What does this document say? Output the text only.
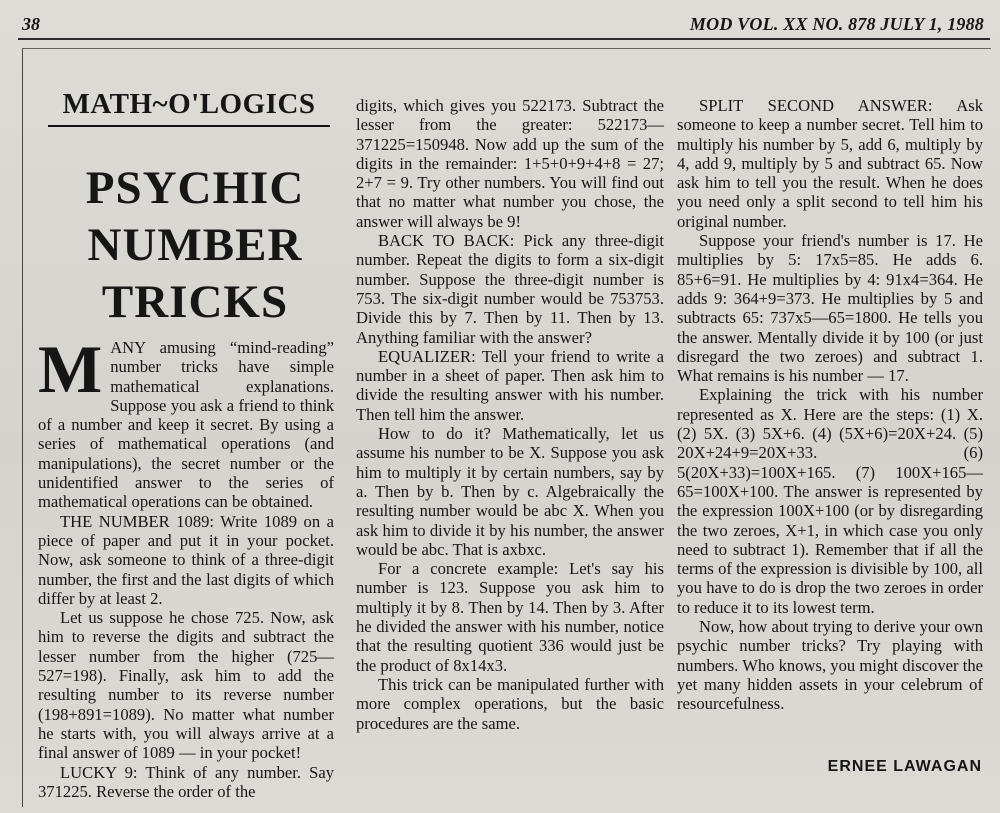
38	MOD VOL. XX NO. 878 JULY 1, 1988
MATH~O'LOGICS
PSYCHIC
NUMBER
TRICKS

MANY amusing “mind-reading” number tricks have simple mathematical explanations. Suppose you ask a friend to think of a number and keep it secret. By using a series of mathematical operations (and manipulations), the secret number or the unidentified answer to the series of mathematical operations can be obtained.

THE NUMBER 1089: Write 1089 on a piece of paper and put it in your pocket. Now, ask someone to think of a three-digit number, the first and the last digits of which differ by at least 2.

Let us suppose he chose 725. Now, ask him to reverse the digits and subtract the lesser number from the higher (725—527=198). Finally, ask him to add the resulting number to its reverse number (198+891=1089). No matter what number he starts with, you will always arrive at a final answer of 1089 — in your pocket!

LUCKY 9: Think of any number. Say 371225. Reverse the order of the

digits, which gives you 522173. Subtract the lesser from the greater: 522173—371225=150948. Now add up the sum of the digits in the remainder: 1+5+0+9+4+8 = 27; 2+7 = 9. Try other numbers. You will find out that no matter what number you chose, the answer will always be 9!

BACK TO BACK: Pick any three-digit number. Repeat the digits to form a six-digit number. Suppose the three-digit number is 753. The six-digit number would be 753753. Divide this by 7. Then by 11. Then by 13. Anything familiar with the answer?

EQUALIZER: Tell your friend to write a number in a sheet of paper. Then ask him to divide the resulting answer with his number. Then tell him the answer.

How to do it? Mathematically, let us assume his number to be X. Suppose you ask him to multiply it by certain numbers, say by a. Then by b. Then by c. Algebraically the resulting number would be abc X. When you ask him to divide it by his number, the answer would be abc. That is axbxc.

For a concrete example: Let's say his number is 123. Suppose you ask him to multiply it by 8. Then by 14. Then by 3. After he divided the answer with his number, notice that the resulting quotient 336 would just be the product of 8x14x3.

This trick can be manipulated further with more complex operations, but the basic procedures are the same.

SPLIT SECOND ANSWER: Ask someone to keep a number secret. Tell him to multiply his number by 5, add 6, multiply by 4, add 9, multiply by 5 and subtract 65. Now ask him to tell you the result. When he does you need only a split second to tell him his original number.

Suppose your friend's number is 17. He multiplies by 5: 17x5=85. He adds 6. 85+6=91. He multiplies by 4: 91x4=364. He adds 9: 364+9=373. He multiplies by 5 and subtracts 65: 737x5—65=1800. He tells you the answer. Mentally divide it by 100 (or just disregard the two zeroes) and subtract 1. What remains is his number — 17.

Explaining the trick with his number represented as X. Here are the steps: (1) X. (2) 5X. (3) 5X+6. (4) (5X+6)=20X+24. (5) 20X+24+9=20X+33. (6) 5(20X+33)=100X+165. (7) 100X+165—65=100X+100. The answer is represented by the expression 100X+100 (or by disregarding the two zeroes, X+1, in which case you only need to subtract 1). Remember that if all the terms of the expression is divisible by 100, all you have to do is drop the two zeroes in order to reduce it to its lowest term.

Now, how about trying to derive your own psychic number tricks? Try playing with numbers. Who knows, you might discover the yet many hidden assets in your celebrum of resourcefulness.

ERNEE LAWAGAN
